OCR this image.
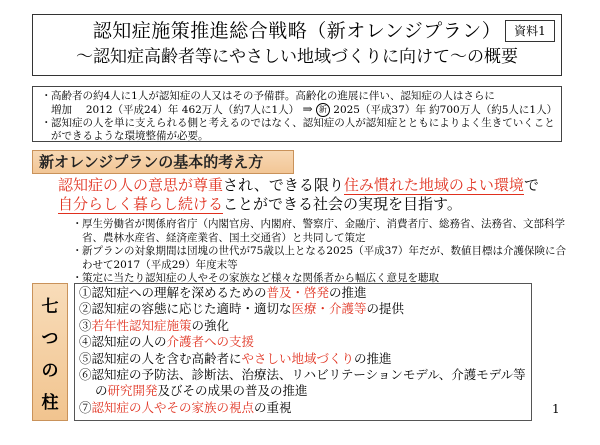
認知症施策推進総合戦略（新オレンジプラン）
～認知症高齢者等にやさしい地域づくりに向けて～の概要
資料1
・ 高齢者の約4人に1人が認知症の人又はその予備群。高齢化の進展に伴い、認知症の人はさらに
増加　 2012（平成24）年 462万人（約7人に1人） ⇒ 新 2025（平成37）年 約700万人（約5人に1人）
・ 認知症の人を単に支えられる側と考えるのではなく、認知症の人が認知症とともによりよく生きていくことができるような環境整備が必要。
新オレンジプランの基本的考え方
認知症の人の意思が尊重され、できる限り住み慣れた地域のよい環境で
自分らしく暮らし続けることができる社会の実現を目指す。
・ 厚生労働省が関係府省庁（内閣官房、内閣府、警察庁、金融庁、消費者庁、総務省、法務省、文部科学省、農林水産省、経済産業省、国土交通省）と共同して策定
・ 新プランの対象期間は団塊の世代が75歳以上となる2025（平成37）年だが、数値目標は介護保険に合わせて2017（平成29）年度末等
・ 策定に当たり認知症の人やその家族など様々な関係者から幅広く意見を聴取
七
つ
の
柱
①認知症への理解を深めるための普及・啓発の推進
②認知症の容態に応じた適時・適切な医療・介護等の提供
③若年性認知症施策の強化
④認知症の人の介護者への支援
⑤認知症の人を含む高齢者にやさしい地域づくりの推進
⑥認知症の予防法、診断法、治療法、リハビリテーションモデル、介護モデル等
の研究開発及びその成果の普及の推進
⑦認知症の人やその家族の視点の重視	1
